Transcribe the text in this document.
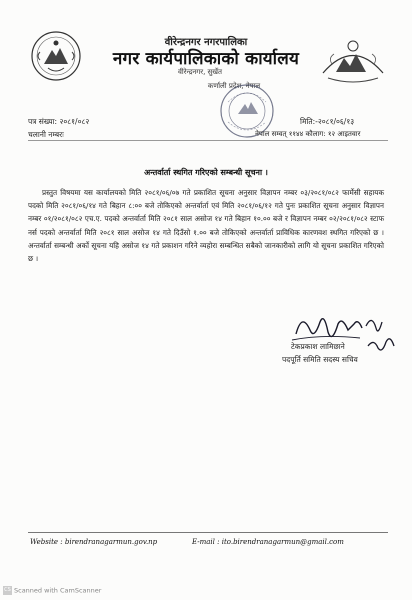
वीरेन्द्रनगर नगरपालिका
नगर कार्यपालिकाको कार्यालय
वीरेन्द्रनगर, सुर्खेत
कर्णाली प्रदेश, नेपाल
पत्र संख्या: २०८१/०८२
चलानी नम्बरः
मिति:-२०८१/०६/१३
नेपाल सम्वत् ११४४ कौलाग: १२ आइतवार
अन्तर्वार्ता स्थगित गरिएको सम्बन्धी सूचना ।
प्रस्तुत विषयमा यस कार्यालयको मिति २०८१/०६/०७ गते प्रकाशित सूचना अनुसार विज्ञापन नम्बर ०३/२०८१/०८२ फार्मेसी सहायक पदको मिति २०८१/०६/१४ गते बिहान ८:०० बजे तोकिएको अन्तर्वार्ता एवं मिति २०८१/०६/१२ गते पुनः प्रकाशित सूचना अनुसार विज्ञापन नम्बर ०१/२०८१/०८२ एच.ए. पदको अन्तर्वार्ता मिति २०८१ साल असोज १४ गते बिहान १०.०० बजे र विज्ञापन नम्बर ०२/२०८१/०८२ स्टाफ नर्स पदको अन्तर्वार्ता मिति २०८१ साल असोज १४ गते दिउँसो १.०० बजे तोकिएको अन्तर्वार्ता प्राविधिक कारणवश स्थगित गरिएको छ । अन्तर्वार्ता सम्बन्धी अर्को सूचना यहि असोज १४ गते प्रकाशन गरिने व्यहोरा सम्बन्धित सबैको जानकारीको लागि यो सूचना प्रकाशित गरिएको छ ।
टेकप्रकाश लामिछाने
पदपूर्ति समिति सदस्य सचिव
Website : birendranagarmun.gov.np	E-mail : ito.birendranagarmun@gmail.com
CS Scanned with CamScanner
